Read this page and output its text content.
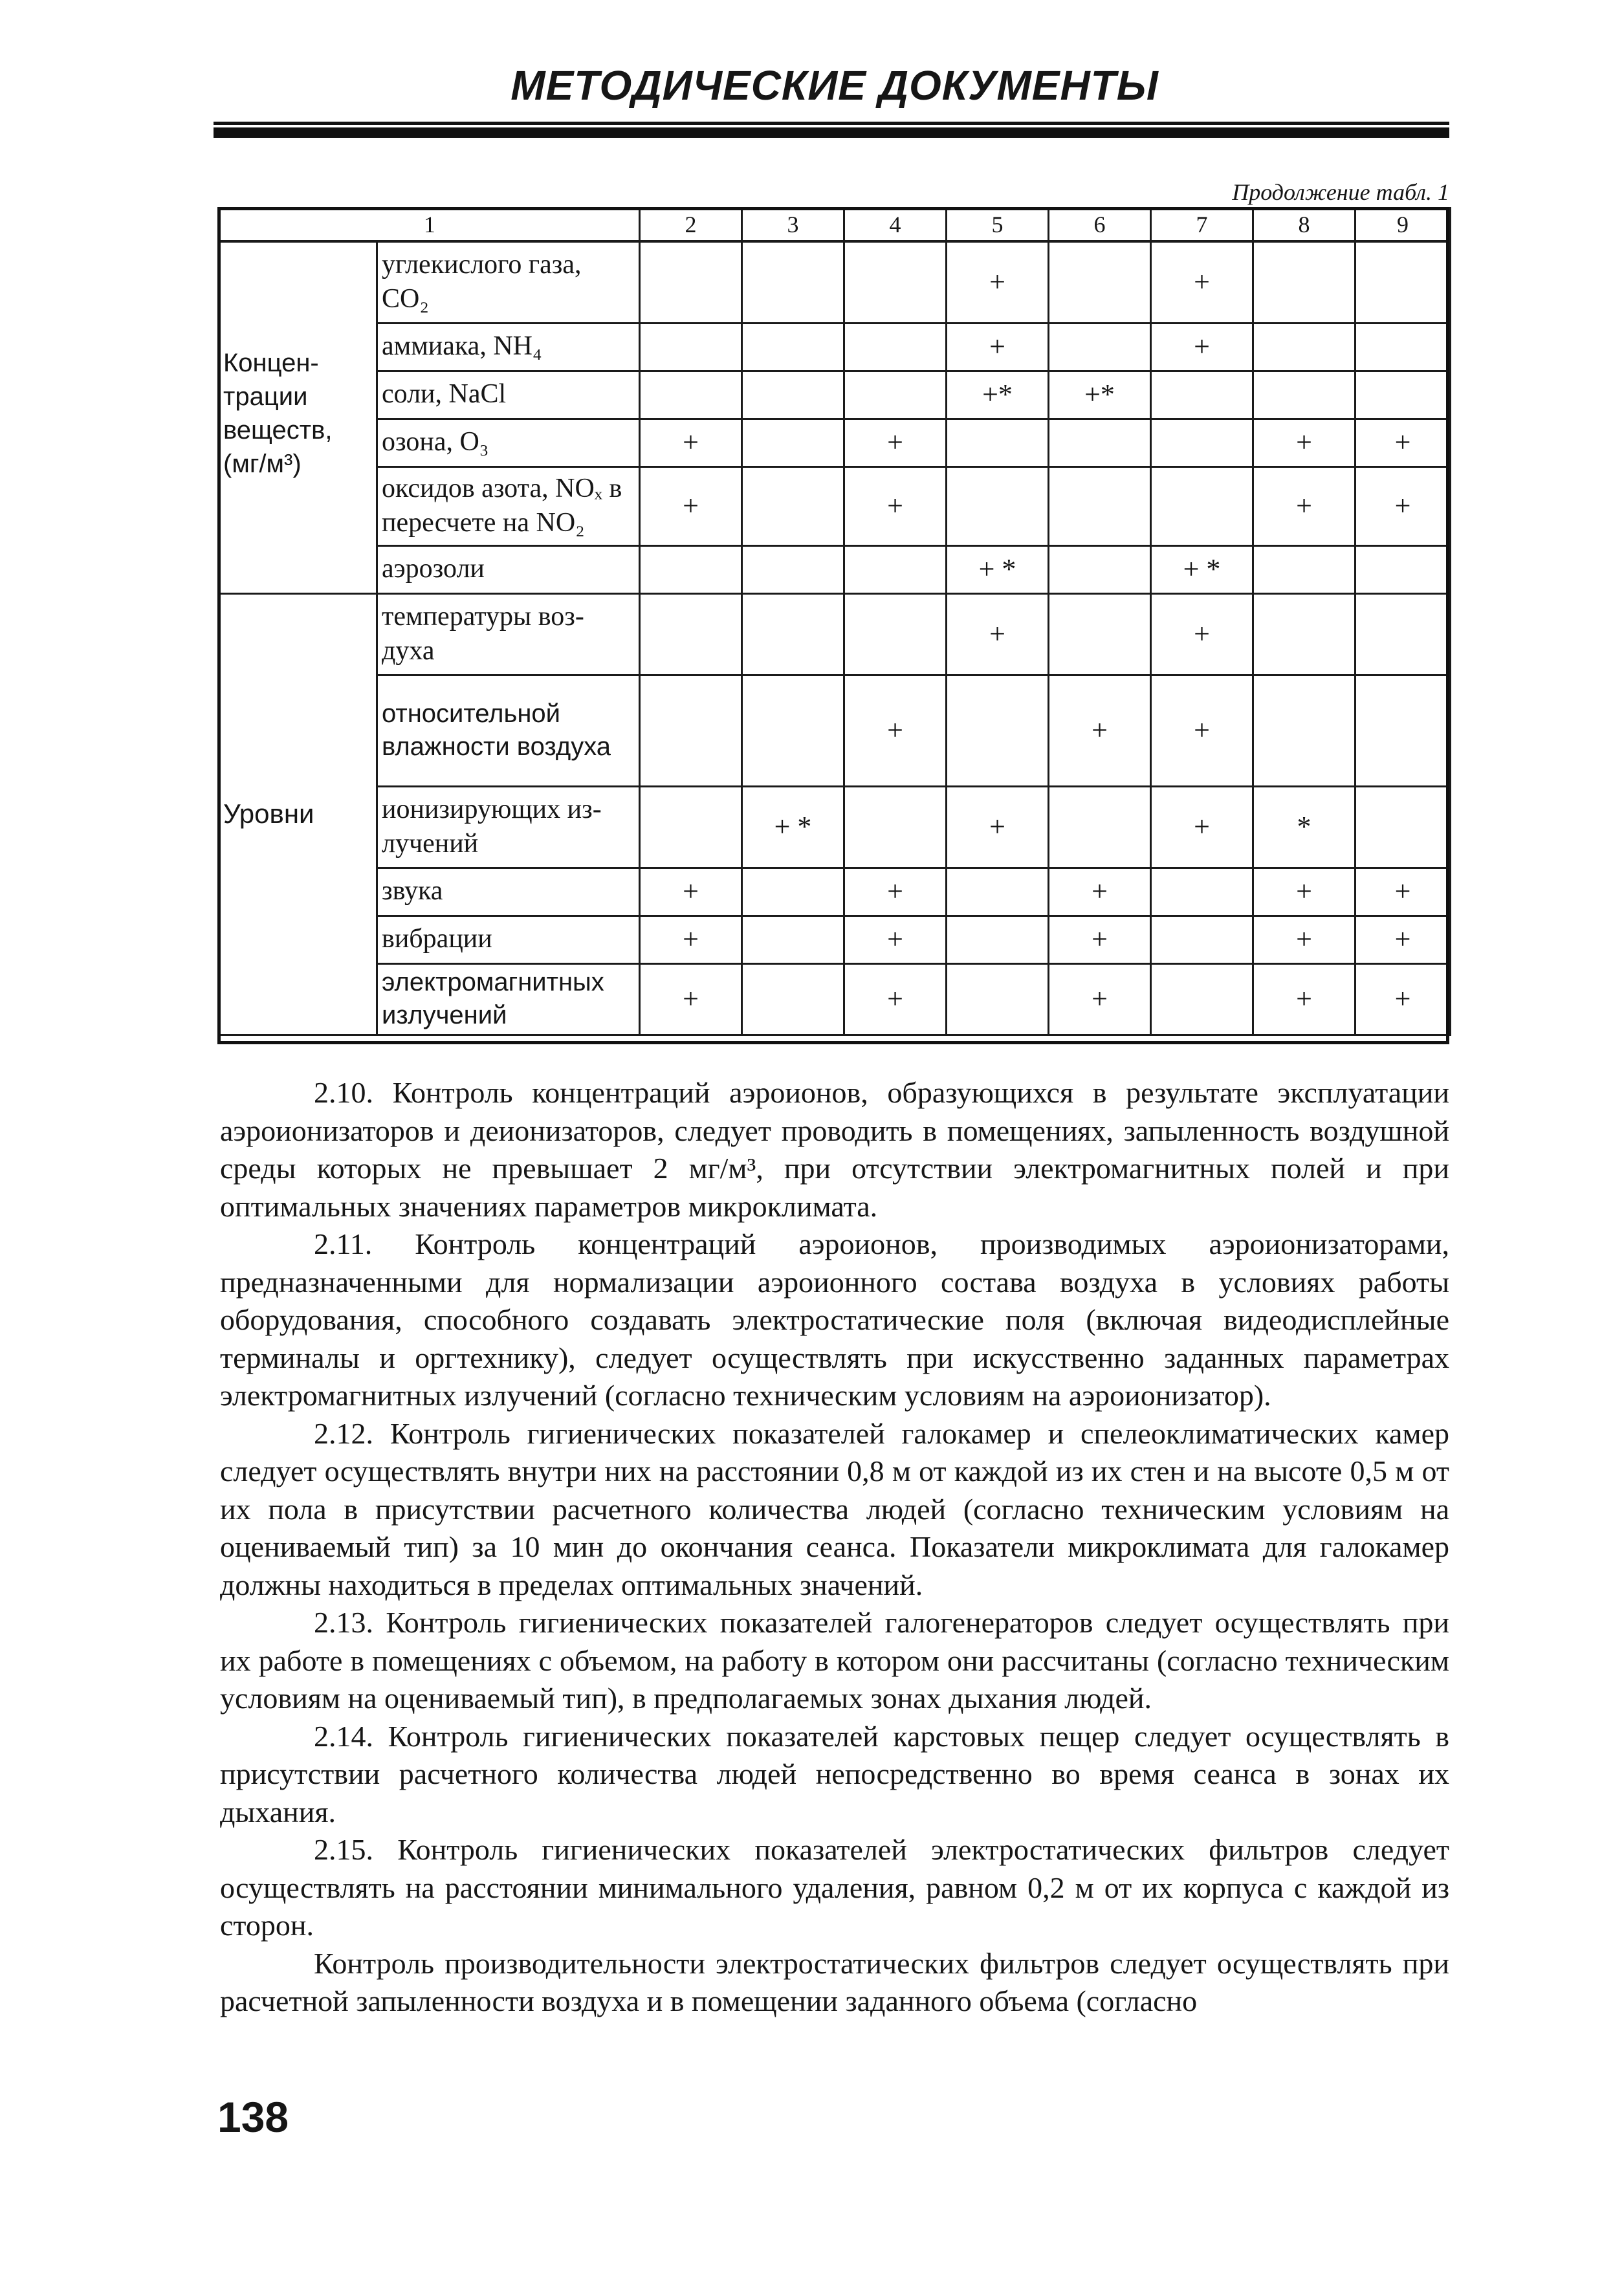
МЕТОДИЧЕСКИЕ ДОКУМЕНТЫ
Продолжение табл. 1
1		2	3	4	5	6	7	8	9
Концен-трации веществ, (мг/м³)	углекислого газа, CO₂				+		+		
	аммиака, NH₄				+		+		
	соли, NaCl				+*	+*			
	озона, O₃	+		+				+	+
	оксидов азота, NOₓ в пересчете на NO₂	+		+				+	+
	аэрозоли				+ *		+ *		
Уровни	температуры воз-духа				+		+		
	относительной влажности воздуха			+		+	+		
	ионизирующих из-лучений		+ *		+		+	*	
	звука	+		+		+		+	+
	вибрации	+		+		+		+	+
	электромагнитных излучений	+		+		+		+	+

2.10. Контроль концентраций аэроионов, образующихся в результате эксплуатации аэроионизаторов и деионизаторов, следует проводить в помещениях, запыленность воздушной среды которых не превышает 2 мг/м³, при отсутствии электромагнитных полей и при оптимальных значениях параметров микроклимата.

2.11. Контроль концентраций аэроионов, производимых аэроионизаторами, предназначенными для нормализации аэроионного состава воздуха в условиях работы оборудования, способного создавать электростатические поля (включая видеодисплейные терминалы и оргтехнику), следует осуществлять при искусственно заданных параметрах электромагнитных излучений (согласно техническим условиям на аэроионизатор).

2.12. Контроль гигиенических показателей галокамер и спелеоклиматических камер следует осуществлять внутри них на расстоянии 0,8 м от каждой из их стен и на высоте 0,5 м от их пола в присутствии расчетного количества людей (согласно техническим условиям на оцениваемый тип) за 10 мин до окончания сеанса. Показатели микроклимата для галокамер должны находиться в пределах оптимальных значений.

2.13. Контроль гигиенических показателей галогенераторов следует осуществлять при их работе в помещениях с объемом, на работу в котором они рассчитаны (согласно техническим условиям на оцениваемый тип), в предполагаемых зонах дыхания людей.

2.14. Контроль гигиенических показателей карстовых пещер следует осуществлять в присутствии расчетного количества людей непосредственно во время сеанса в зонах их дыхания.

2.15. Контроль гигиенических показателей электростатических фильтров следует осуществлять на расстоянии минимального удаления, равном 0,2 м от их корпуса с каждой из сторон.

Контроль производительности электростатических фильтров следует осуществлять при расчетной запыленности воздуха и в помещении заданного объема (согласно

138
